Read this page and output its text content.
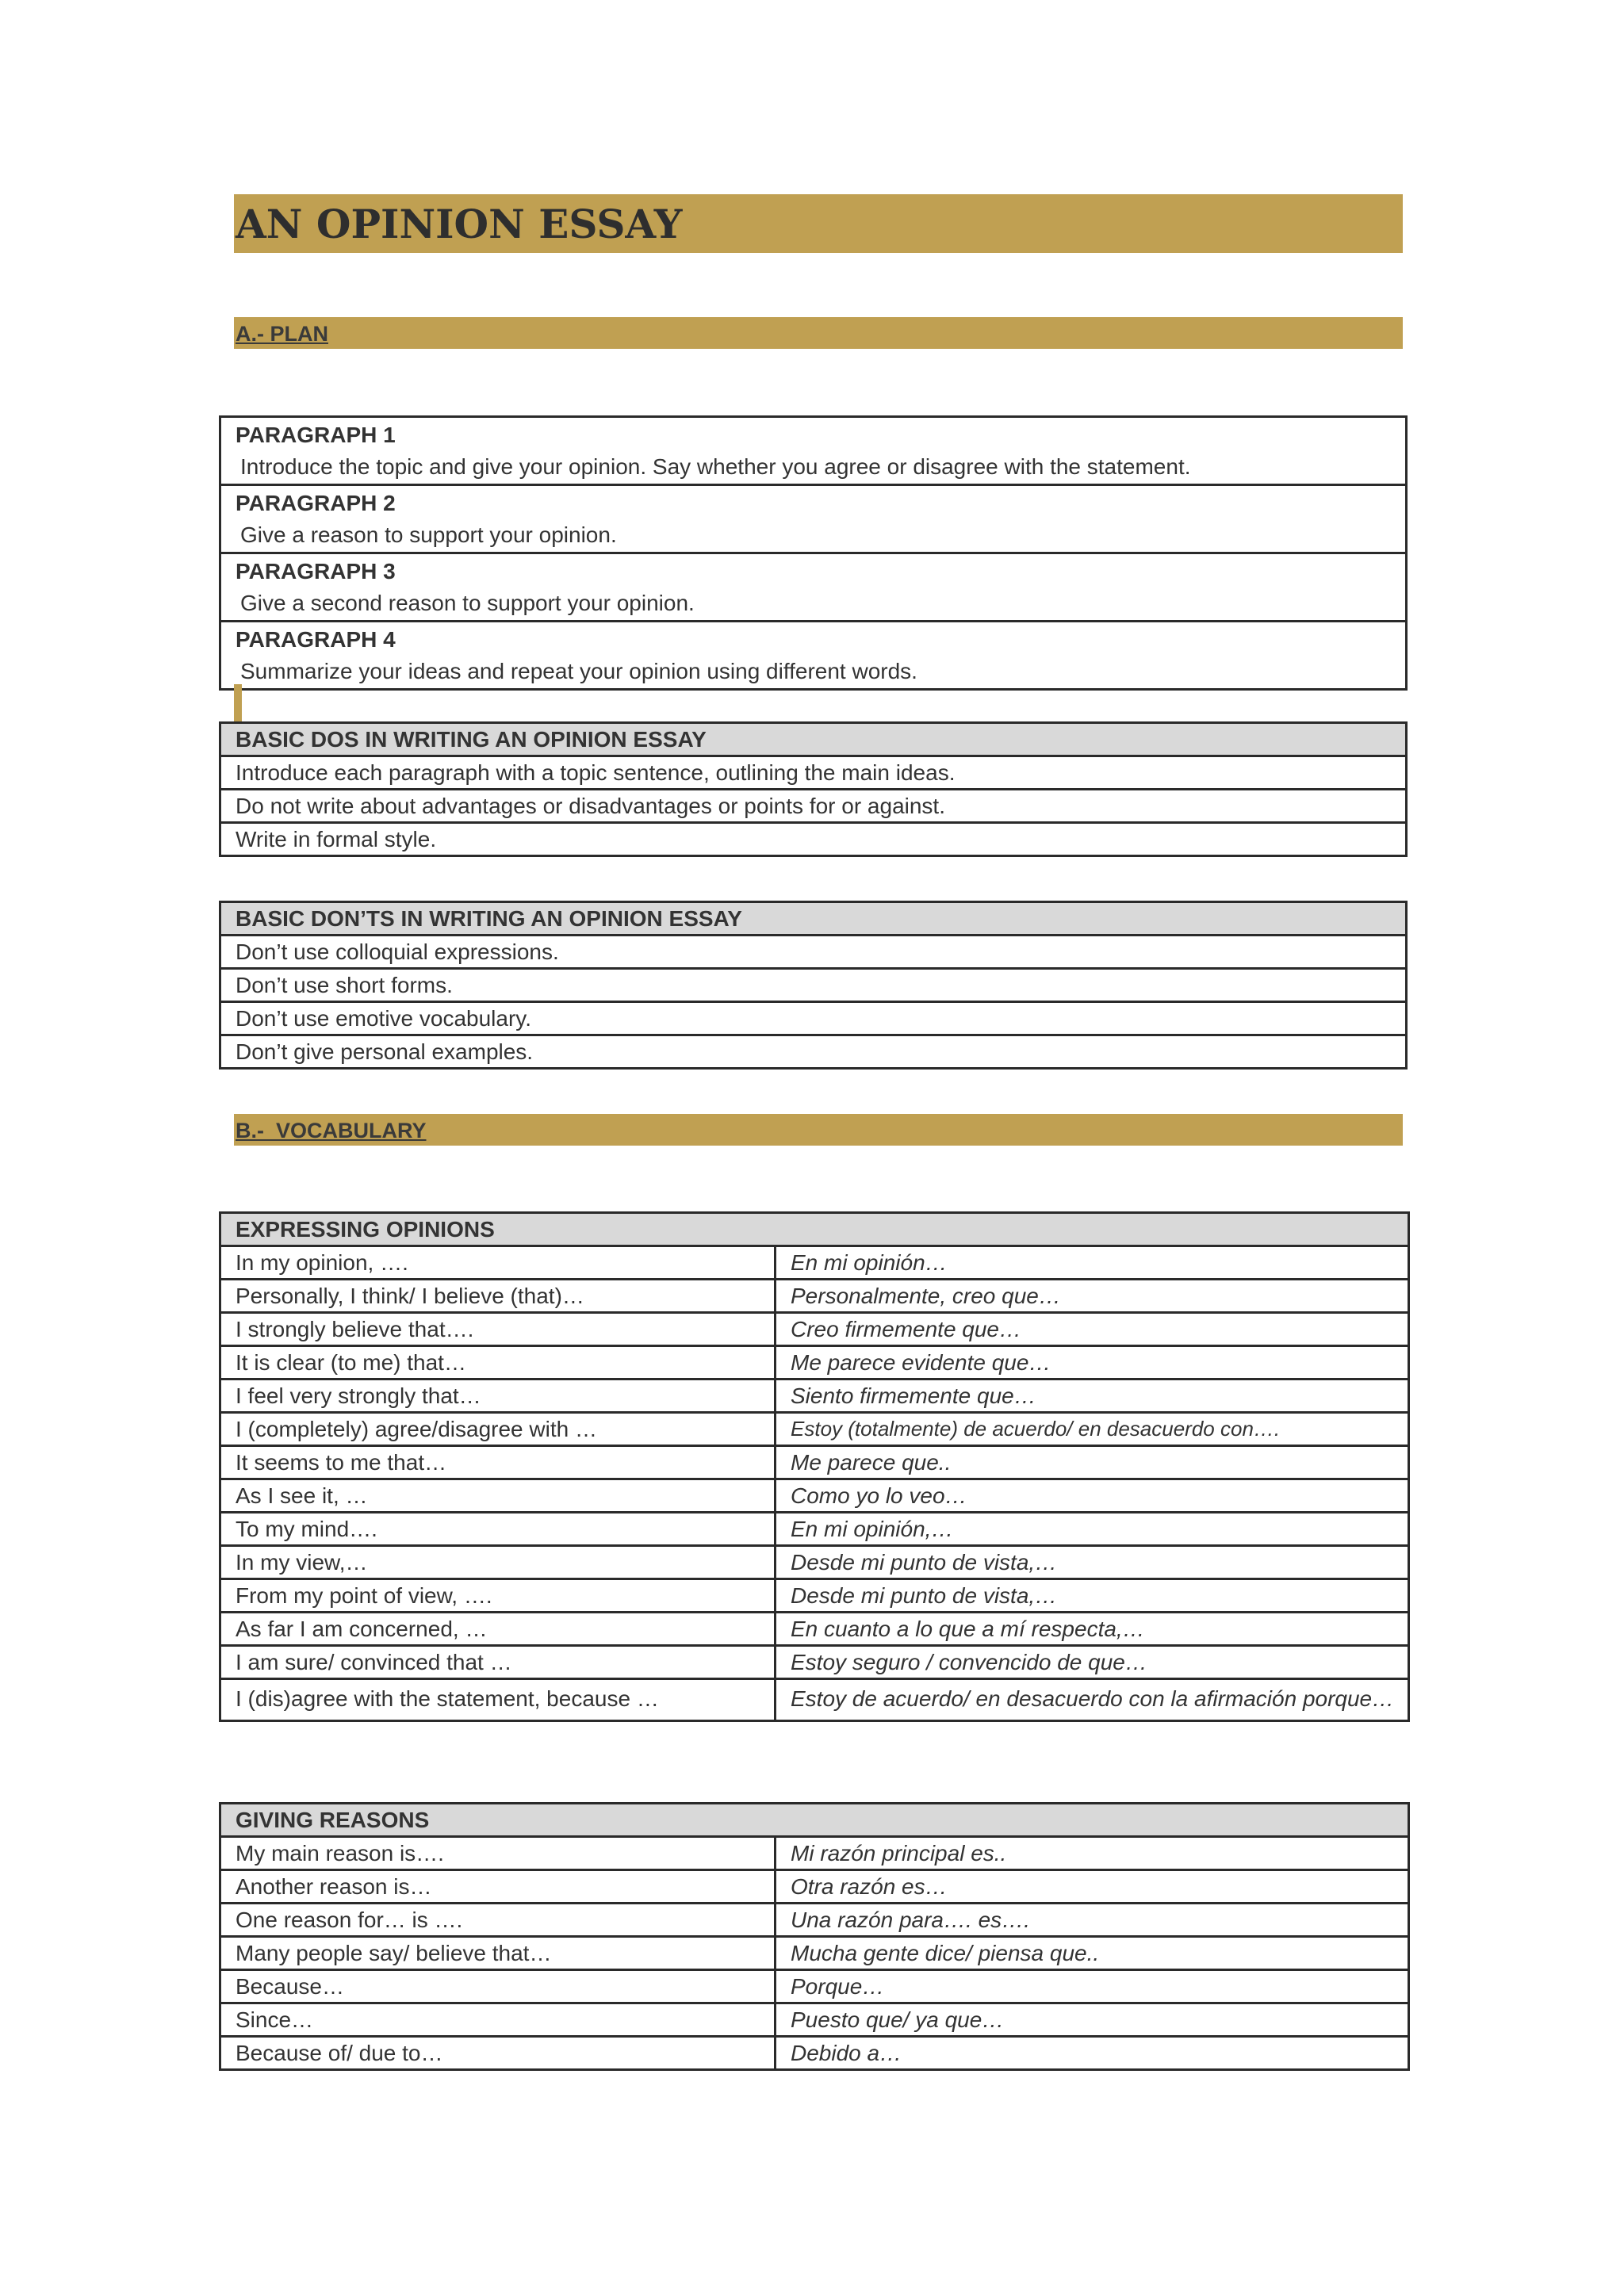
AN OPINION ESSAY
A.- PLAN
PARAGRAPH 1
Introduce the topic and give your opinion. Say whether you agree or disagree with the statement.

PARAGRAPH 2
Give a reason to support your opinion.

PARAGRAPH 3
Give a second reason to support your opinion.

PARAGRAPH 4
Summarize your ideas and repeat your opinion using different words.
BASIC DOS IN WRITING AN OPINION ESSAY
Introduce each paragraph with a topic sentence, outlining the main ideas.
Do not write about advantages or disadvantages or points for or against.
Write in formal style.
BASIC DON’TS IN WRITING AN OPINION ESSAY
Don’t use colloquial expressions.
Don’t use short forms.
Don’t use emotive vocabulary.
Don’t give personal examples.
B.-  VOCABULARY
EXPRESSING OPINIONS	
In my opinion, ….	En mi opinión…
Personally, I think/ I believe (that)…	Personalmente, creo que…
I strongly believe that….	Creo firmemente que…
It is clear (to me) that…	Me parece evidente que…
I feel very strongly that…	Siento firmemente que…
I (completely) agree/disagree with …	Estoy (totalmente) de acuerdo/ en desacuerdo con….
It seems to me that…	Me parece que..
As I see it, …	Como yo lo veo…
To my mind….	En mi opinión,…
In my view,…	Desde mi punto de vista,…
From my point of view, ….	Desde mi punto de vista,…
As far I am concerned, …	En cuanto a lo que a mí respecta,…
I am sure/ convinced that …	Estoy seguro / convencido de que…
I (dis)agree with the statement, because …	Estoy de acuerdo/ en desacuerdo con la afirmación porque…
GIVING REASONS	
My main reason is….	Mi razón principal es..
Another reason is…	Otra razón es…
One reason for… is ….	Una razón para…. es….
Many people say/ believe that…	Mucha gente dice/ piensa que..
Because…	Porque…
Since…	Puesto que/ ya que…
Because of/ due to…	Debido a…
